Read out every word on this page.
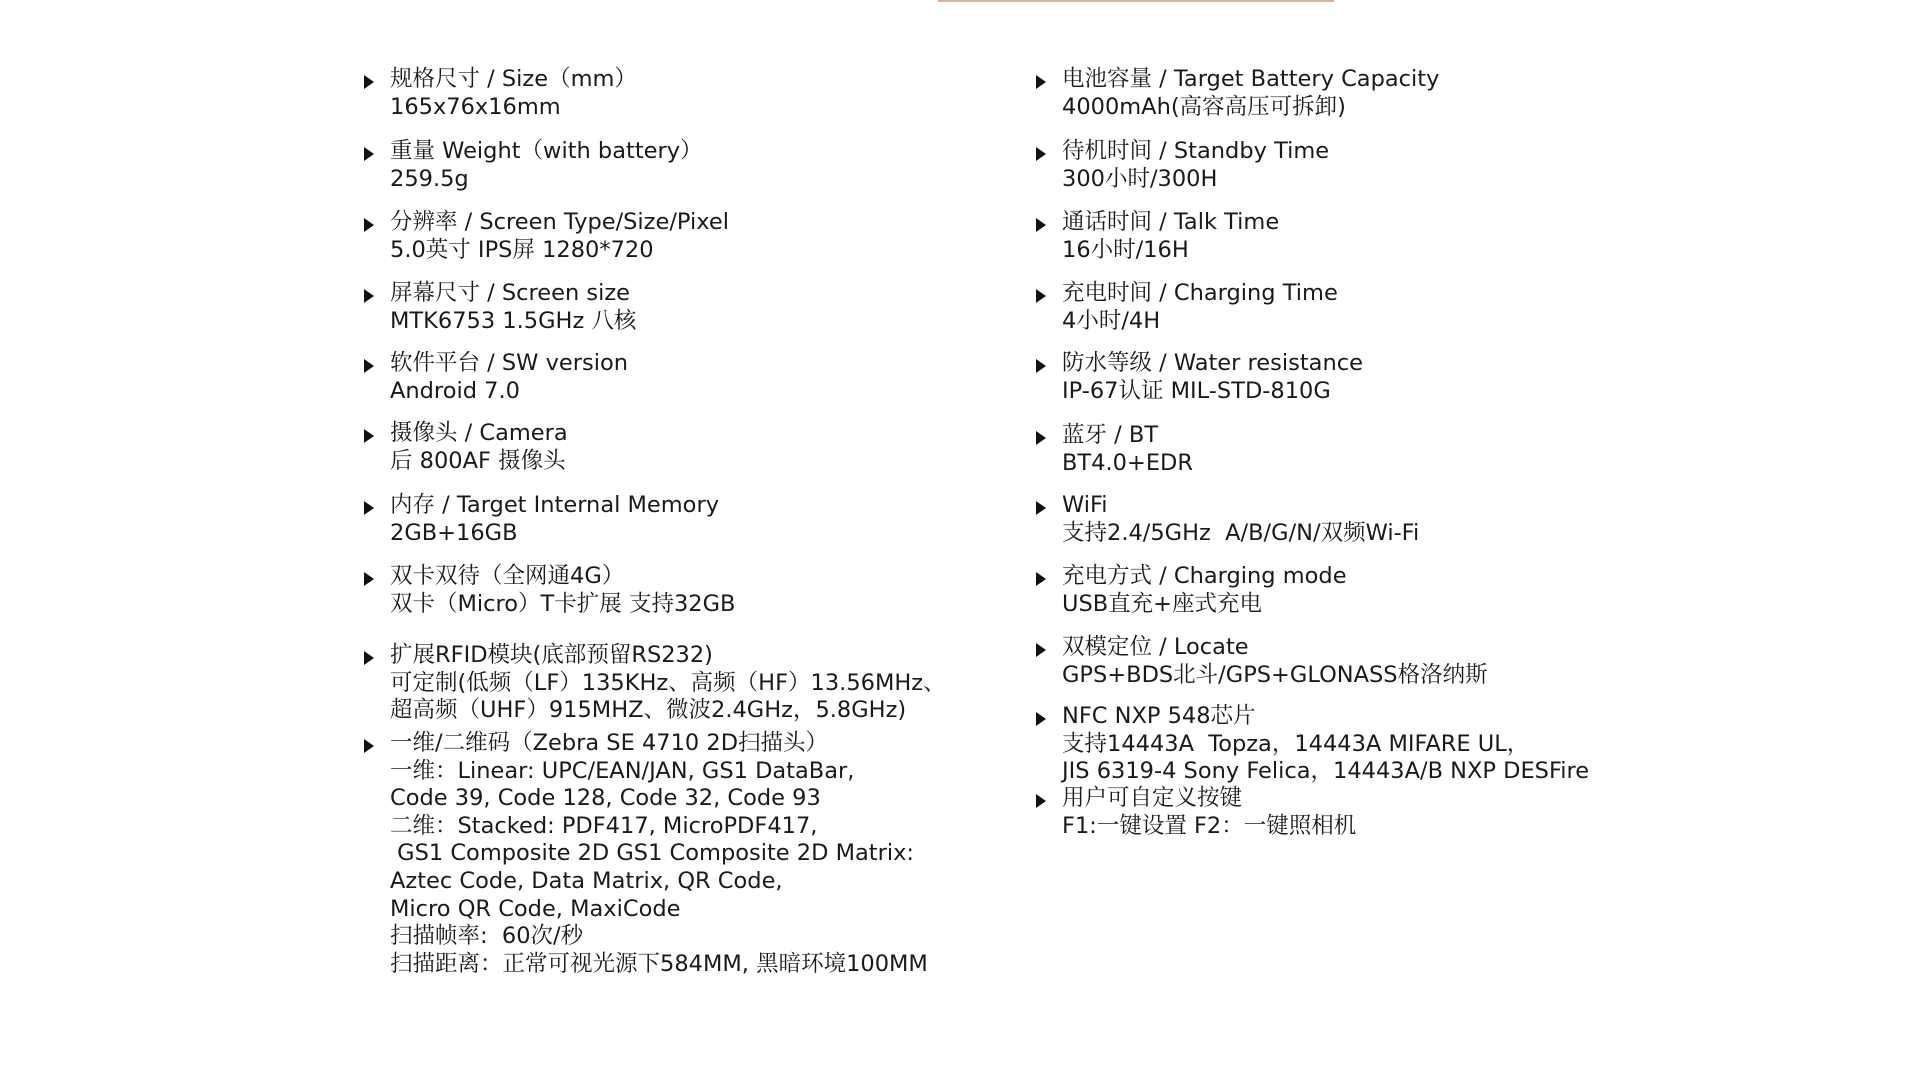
规格尺寸 / Size（mm）
165x76x16mm
重量 Weight（with battery）
259.5g
分辨率 / Screen Type/Size/Pixel
5.0英寸 IPS屏 1280*720
屏幕尺寸 / Screen size
MTK6753 1.5GHz 八核
软件平台 / SW version
Android 7.0
摄像头 / Camera
后 800AF 摄像头
内存 / Target Internal Memory
2GB+16GB
双卡双待（全网通4G）
双卡（Micro）T卡扩展 支持32GB
扩展RFID模块(底部预留RS232)
可定制(低频（LF）135KHz、高频（HF）13.56MHz、
超高频（UHF）915MHZ、微波2.4GHz，5.8GHz)
一维/二维码（Zebra SE 4710 2D扫描头）
一维：Linear: UPC/EAN/JAN, GS1 DataBar,
Code 39, Code 128, Code 32, Code 93
二维：Stacked: PDF417, MicroPDF417,
GS1 Composite 2D GS1 Composite 2D Matrix:
Aztec Code, Data Matrix, QR Code,
Micro QR Code, MaxiCode
扫描帧率:  60次/秒
扫描距离：正常可视光源下584MM, 黑暗环境100MM
电池容量 / Target Battery Capacity
4000mAh(高容高压可拆卸)
待机时间 / Standby Time
300小时/300H
通话时间 / Talk Time
16小时/16H
充电时间 / Charging Time
4小时/4H
防水等级 / Water resistance
IP-67认证 MIL-STD-810G
蓝牙 / BT
BT4.0+EDR
WiFi
支持2.4/5GHz  A/B/G/N/双频Wi-Fi
充电方式 / Charging mode
USB直充+座式充电
双模定位 / Locate
GPS+BDS北斗/GPS+GLONASS格洛纳斯
NFC NXP 548芯片
支持14443A  Topza，14443A MIFARE UL，
JIS 6319-4 Sony Felica，14443A/B NXP DESFire
用户可自定义按键
F1:一键设置 F2：一键照相机
